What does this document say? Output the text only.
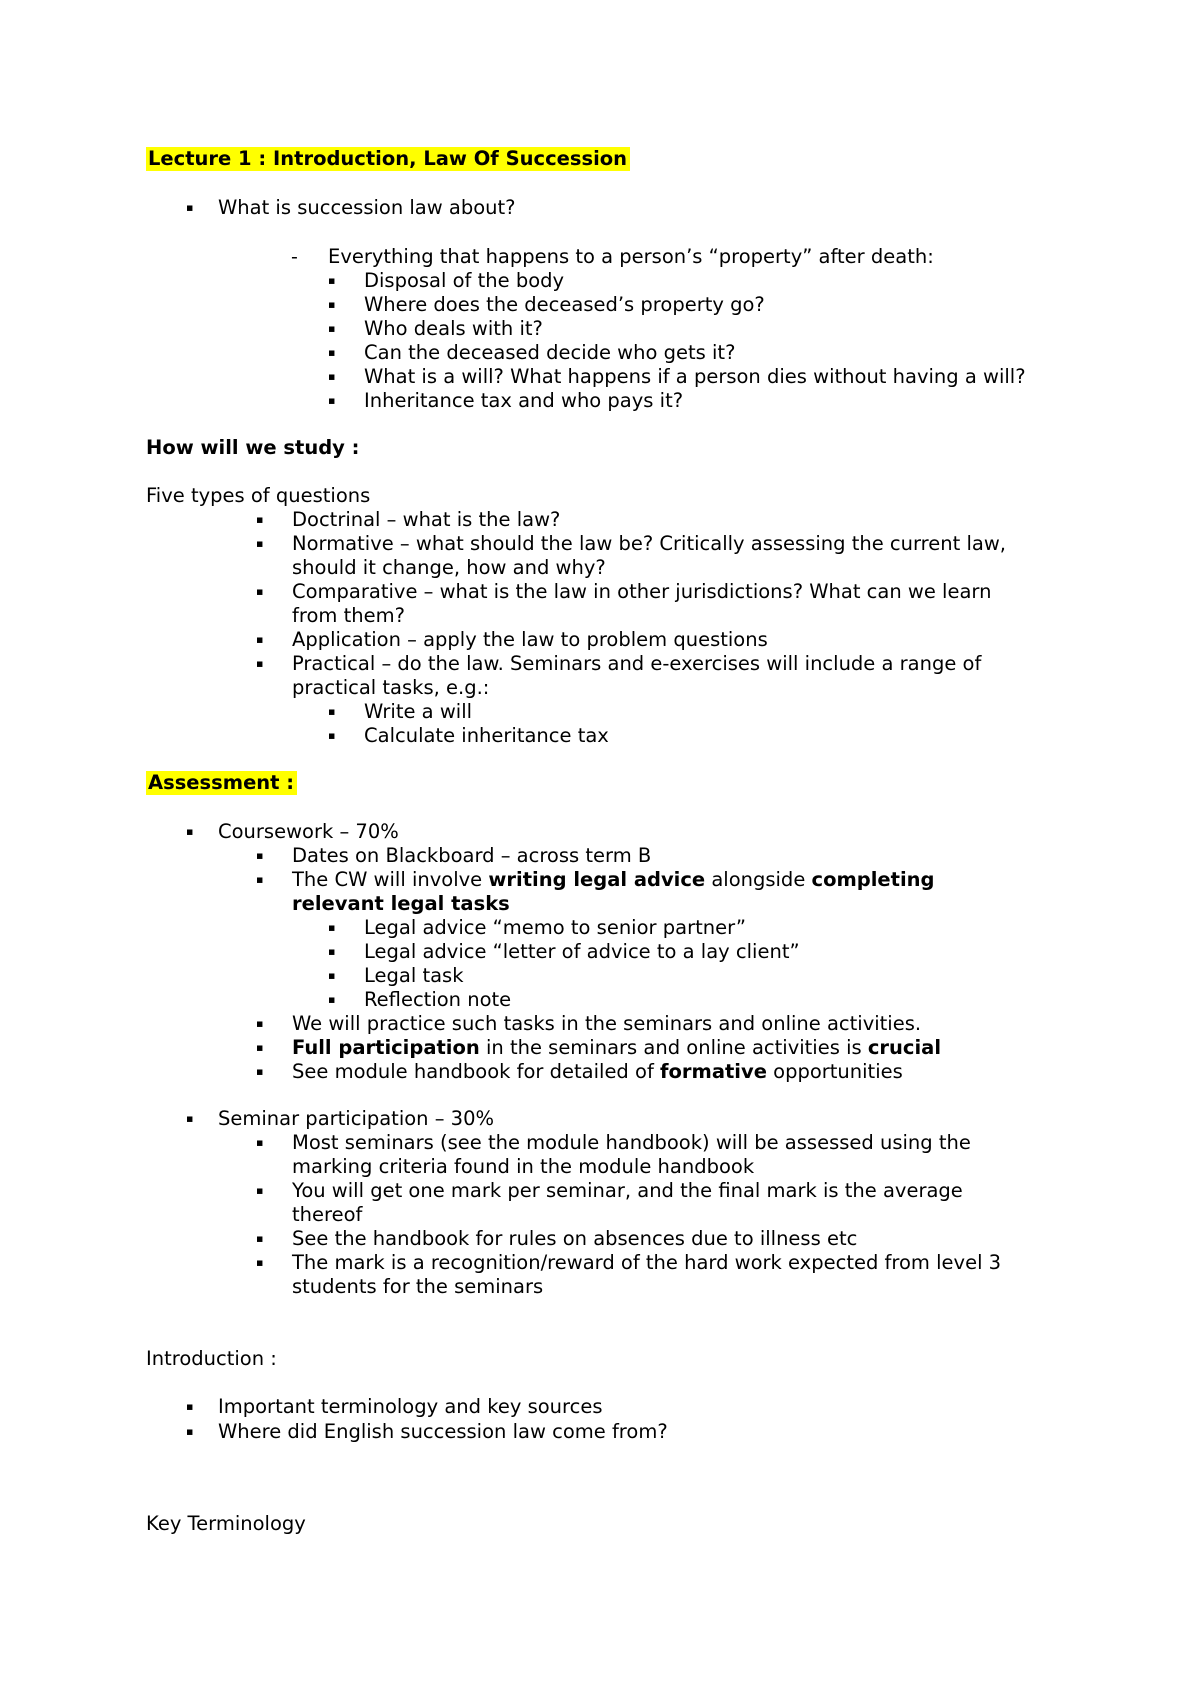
Lecture 1 : Introduction, Law Of Succession
▪ What is succession law about?
- Everything that happens to a person’s “property” after death:
▪ Disposal of the body
▪ Where does the deceased’s property go?
▪ Who deals with it?
▪ Can the deceased decide who gets it?
▪ What is a will? What happens if a person dies without having a will?
▪ Inheritance tax and who pays it?
How will we study :
Five types of questions
▪ Doctrinal – what is the law?
▪ Normative – what should the law be? Critically assessing the current law,
should it change, how and why?
▪ Comparative – what is the law in other jurisdictions? What can we learn
from them?
▪ Application – apply the law to problem questions
▪ Practical – do the law. Seminars and e-exercises will include a range of
practical tasks, e.g.:
▪ Write a will
▪ Calculate inheritance tax
Assessment :
▪ Coursework – 70%
▪ Dates on Blackboard – across term B
▪ The CW will involve writing legal advice alongside completing
relevant legal tasks
▪ Legal advice “memo to senior partner”
▪ Legal advice “letter of advice to a lay client”
▪ Legal task
▪ Reflection note
▪ We will practice such tasks in the seminars and online activities.
▪ Full participation in the seminars and online activities is crucial
▪ See module handbook for detailed of formative opportunities
▪ Seminar participation – 30%
▪ Most seminars (see the module handbook) will be assessed using the
marking criteria found in the module handbook
▪ You will get one mark per seminar, and the final mark is the average
thereof
▪ See the handbook for rules on absences due to illness etc
▪ The mark is a recognition/reward of the hard work expected from level 3
students for the seminars
Introduction :
▪ Important terminology and key sources
▪ Where did English succession law come from?
Key Terminology
